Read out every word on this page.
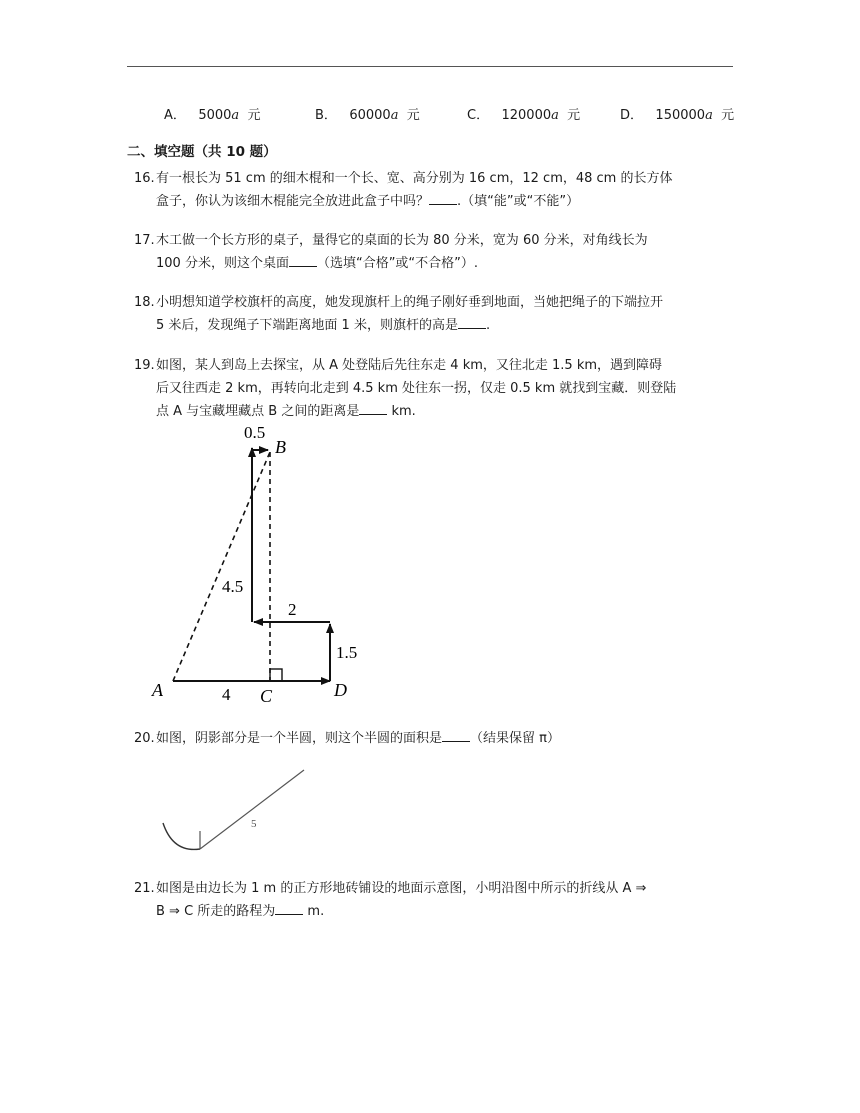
A． 5000a 元	B． 60000a 元	C． 120000a 元	D． 150000a 元
二、填空题（共 10 题）
16. 有一根长为 51 cm 的细木棍和一个长、宽、高分别为 16 cm，12 cm，48 cm 的长方体
盒子，你认为该细木棍能完全放进此盒子中吗？ .（填“能”或“不能”）
17. 木工做一个长方形的桌子，量得它的桌面的长为 80 分米，宽为 60 分米，对角线长为
100 分米，则这个桌面 （选填“合格”或“不合格”）.
18. 小明想知道学校旗杆的高度，她发现旗杆上的绳子刚好垂到地面，当她把绳子的下端拉开
5 米后，发现绳子下端距离地面 1 米，则旗杆的高是 .
19. 如图，某人到岛上去探宝，从 A 处登陆后先往东走 4 km，又往北走 1.5 km，遇到障碍
后又往西走 2 km，再转向北走到 4.5 km 处往东一拐，仅走 0.5 km 就找到宝藏．则登陆
点 A 与宝藏埋藏点 B 之间的距离是 km.
A
B
C	D
4
1.5
2
4.5
0.5
20. 如图，阴影部分是一个半圆，则这个半圆的面积是 （结果保留 π）
5
21. 如图是由边长为 1 m 的正方形地砖铺设的地面示意图，小明沿图中所示的折线从 A ⇒
B ⇒ C 所走的路程为 m.
